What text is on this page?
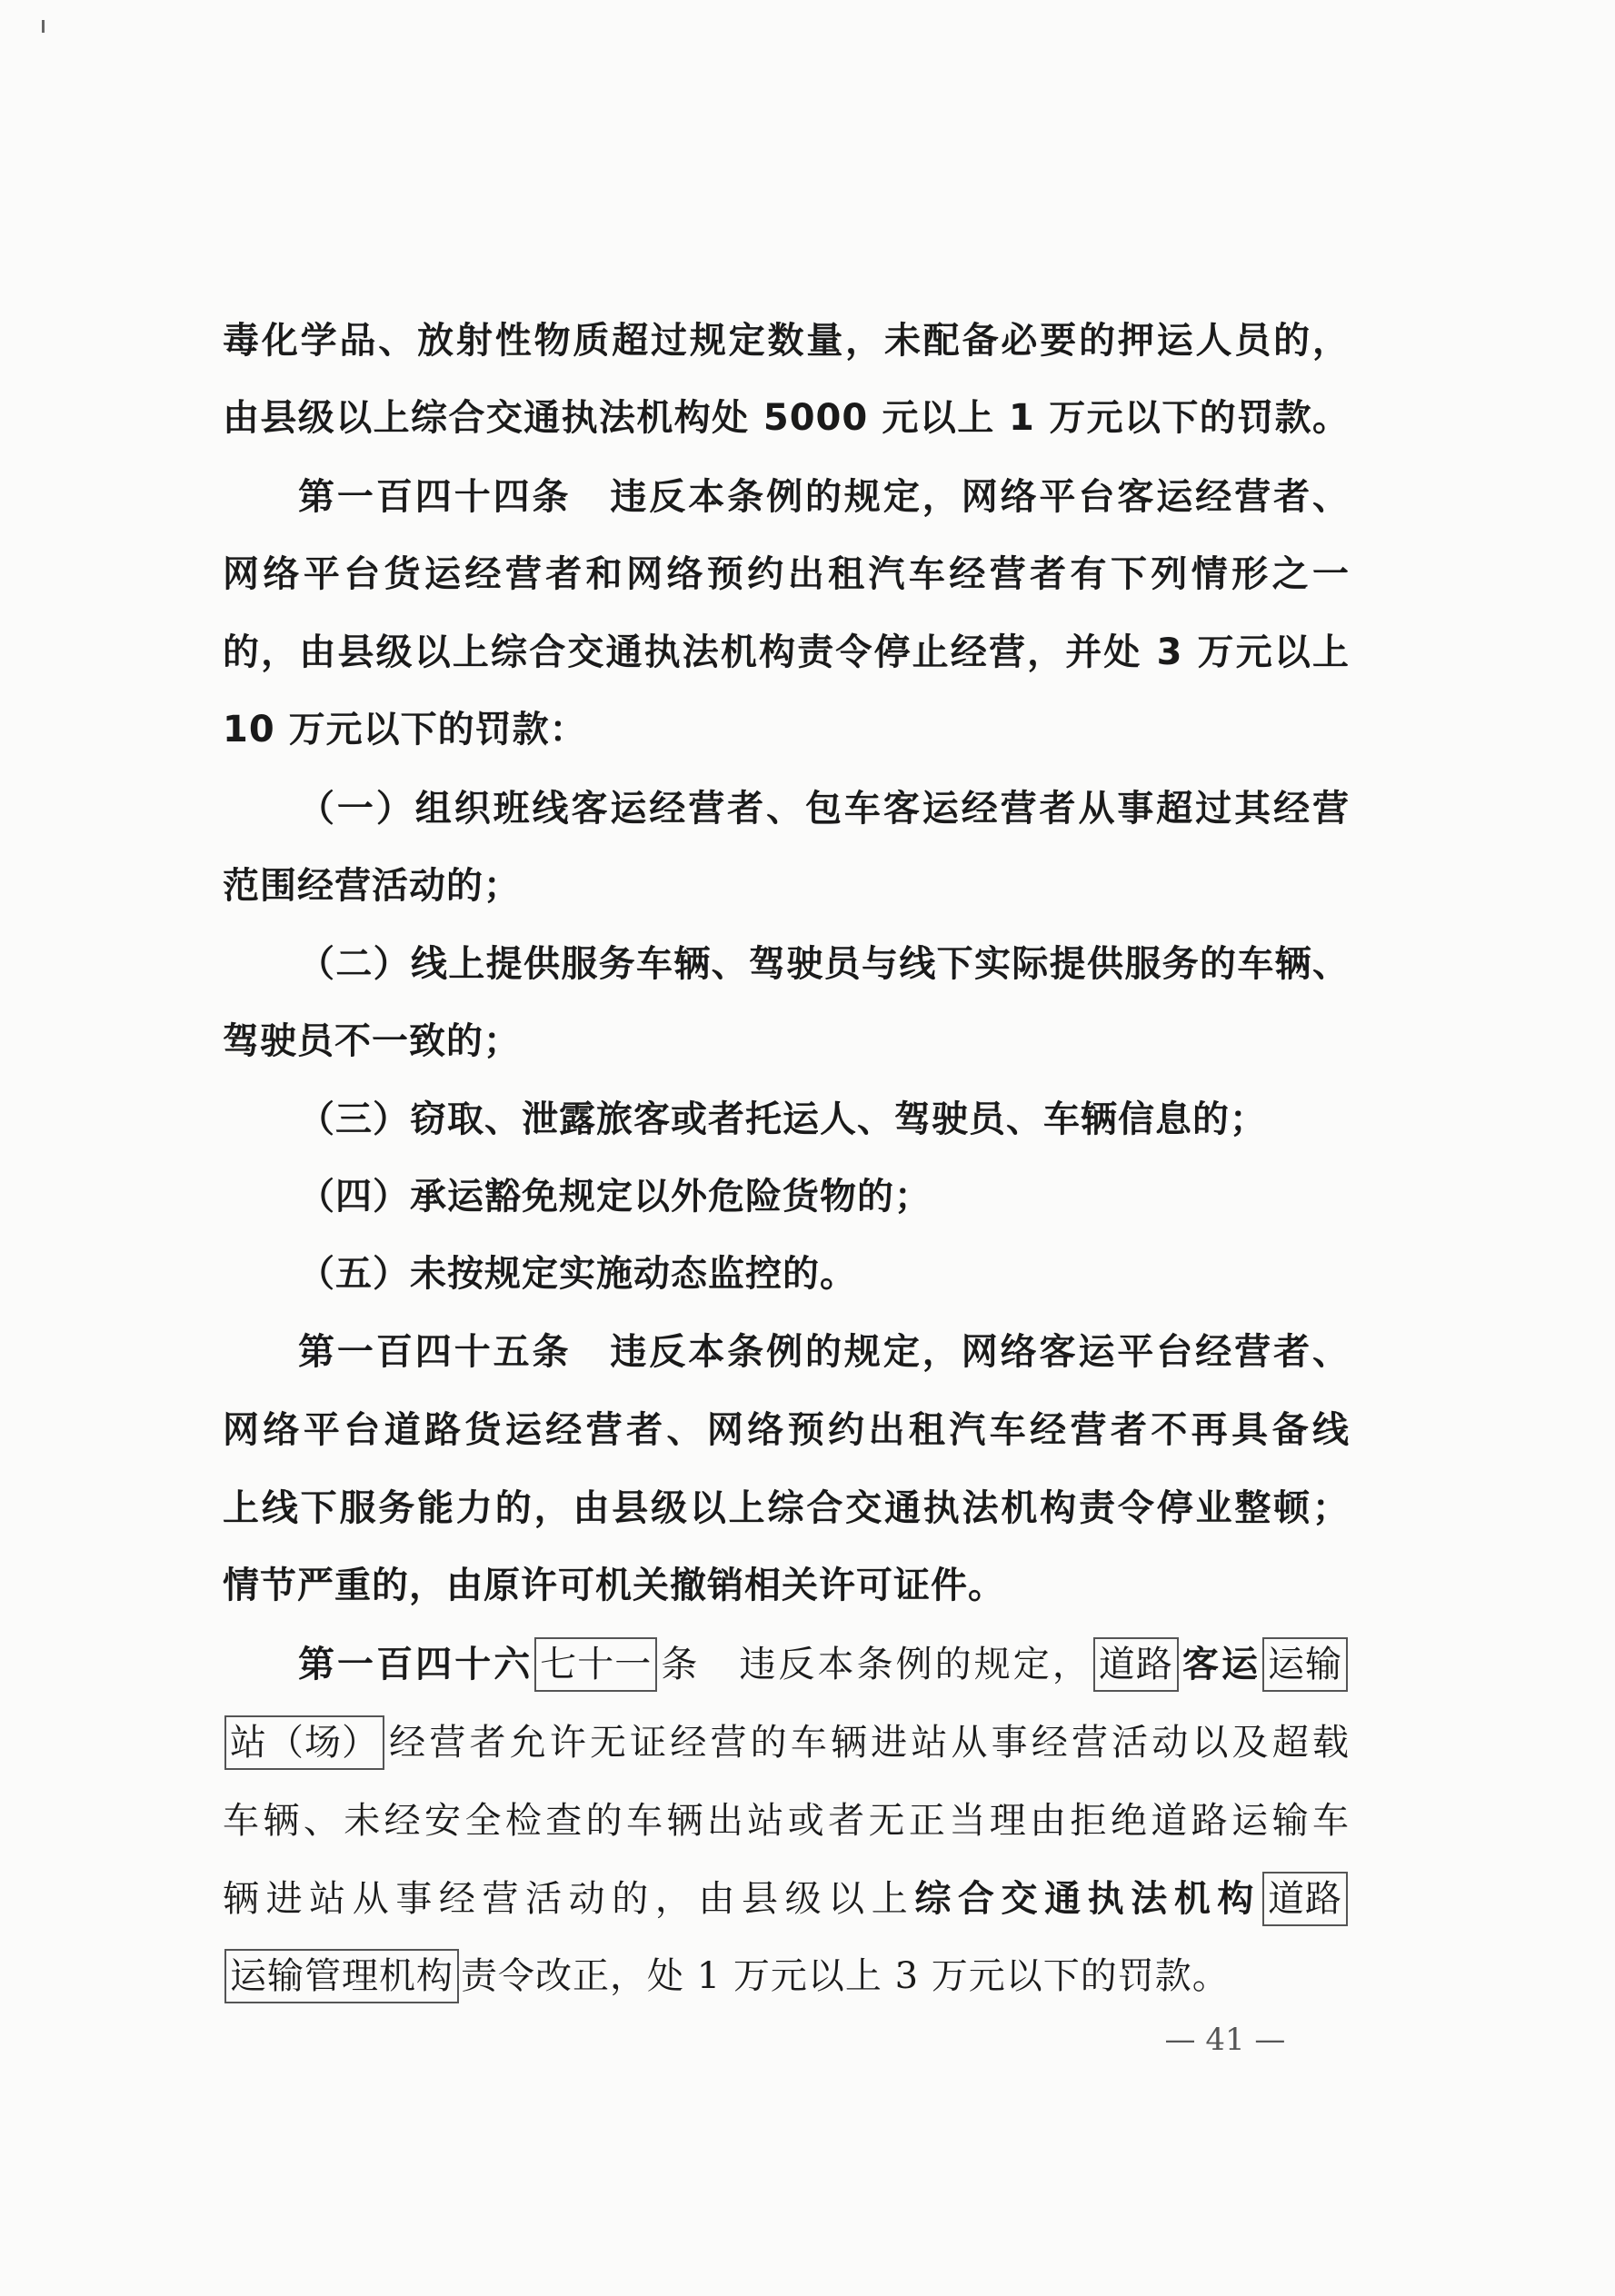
毒化学品、放射性物质超过规定数量，未配备必要的押运人员的，
由县级以上综合交通执法机构处 5000 元以上 1 万元以下的罚款。
第一百四十四条　违反本条例的规定，网络平台客运经营者、
网络平台货运经营者和网络预约出租汽车经营者有下列情形之一
的，由县级以上综合交通执法机构责令停止经营，并处 3 万元以上
10 万元以下的罚款：
（一）组织班线客运经营者、包车客运经营者从事超过其经营
范围经营活动的；
（二）线上提供服务车辆、驾驶员与线下实际提供服务的车辆、
驾驶员不一致的；
（三）窃取、泄露旅客或者托运人、驾驶员、车辆信息的；
（四）承运豁免规定以外危险货物的；
（五）未按规定实施动态监控的。
第一百四十五条　违反本条例的规定，网络客运平台经营者、
网络平台道路货运经营者、网络预约出租汽车经营者不再具备线
上线下服务能力的，由县级以上综合交通执法机构责令停业整顿；
情节严重的，由原许可机关撤销相关许可证件。
第一百四十六 七十一 条　违反本条例的规定， 道路 客运 运输
站（场） 经营者允许无证经营的车辆进站从事经营活动以及超载
车辆、未经安全检查的车辆出站或者无正当理由拒绝道路运输车
辆进站从事经营活动的，由县级以上综合交通执法机构 道路
运输管理机构 责令改正，处 1 万元以上 3 万元以下的罚款。
— 41 —
